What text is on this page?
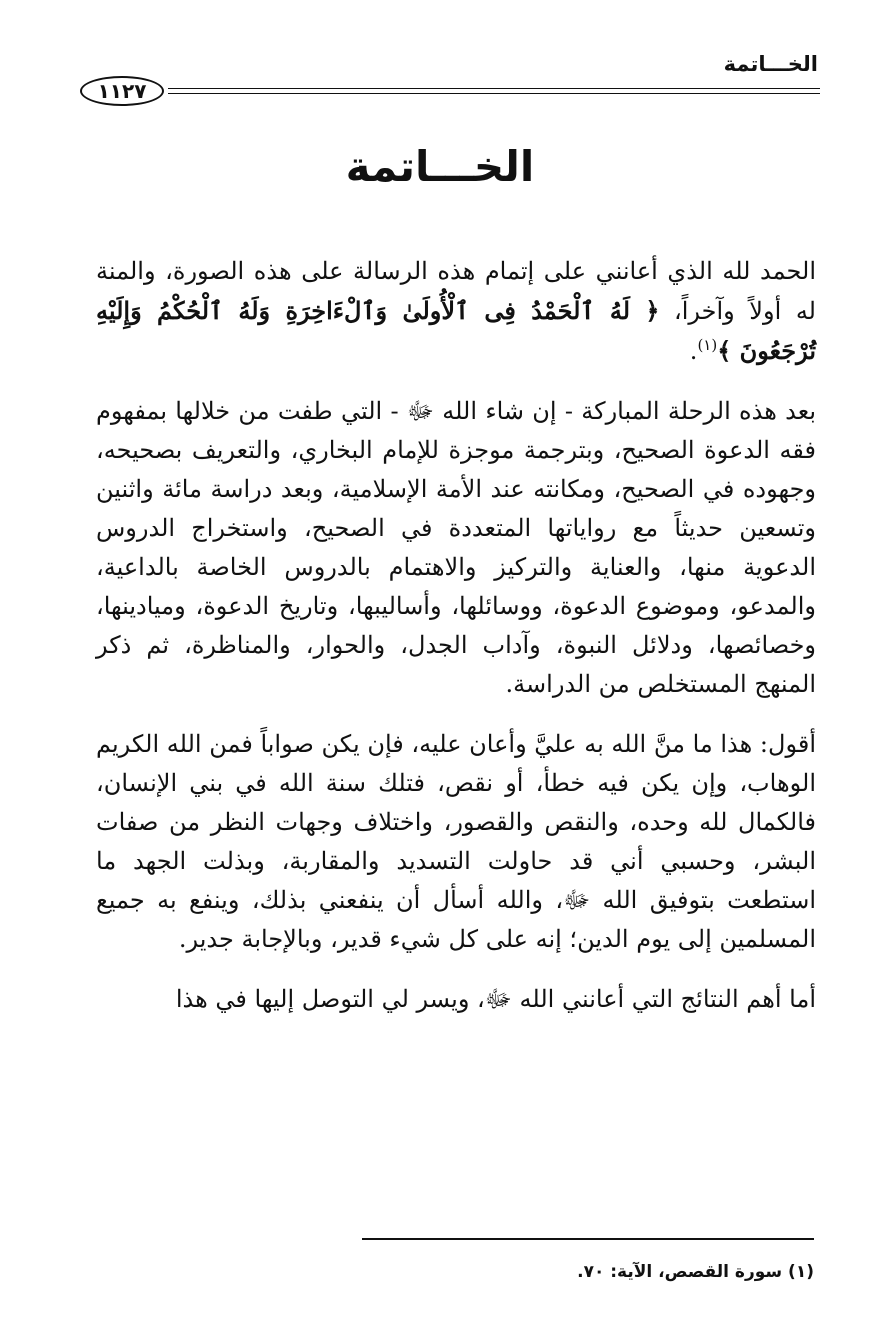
الخـــاتمة
١١٢٧
الخـــاتمة

الحمد لله الذي أعانني على إتمام هذه الرسالة على هذه الصورة، والمنة له أولاً وآخراً، ﴿ لَهُ ٱلْحَمْدُ فِى ٱلْأُولَىٰ وَٱلْءَاخِرَةِ وَلَهُ ٱلْحُكْمُ وَإِلَيْهِ تُرْجَعُونَ ﴾$^{(١)}$.

بعد هذه الرحلة المباركة - إن شاء الله ﷻ - التي طفت من خلالها بمفهوم فقه الدعوة الصحيح، وبترجمة موجزة للإمام البخاري، والتعريف بصحيحه، وجهوده في الصحيح، ومكانته عند الأمة الإسلامية، وبعد دراسة مائة واثنين وتسعين حديثاً مع رواياتها المتعددة في الصحيح، واستخراج الدروس الدعوية منها، والعناية والتركيز والاهتمام بالدروس الخاصة بالداعية، والمدعو، وموضوع الدعوة، ووسائلها، وأساليبها، وتاريخ الدعوة، وميادينها، وخصائصها، ودلائل النبوة، وآداب الجدل، والحوار، والمناظرة، ثم ذكر المنهج المستخلص من الدراسة.

أقول: هذا ما منَّ الله به عليَّ وأعان عليه، فإن يكن صواباً فمن الله الكريم الوهاب، وإن يكن فيه خطأ، أو نقص، فتلك سنة الله في بني الإنسان، فالكمال لله وحده، والنقص والقصور، واختلاف وجهات النظر من صفات البشر، وحسبي أني قد حاولت التسديد والمقاربة، وبذلت الجهد ما استطعت بتوفيق الله ﷻ، والله أسأل أن ينفعني بذلك، وينفع به جميع المسلمين إلى يوم الدين؛ إنه على كل شيء قدير، وبالإجابة جدير.

أما أهم النتائج التي أعانني الله ﷻ، ويسر لي التوصل إليها في هذا

(١) سورة القصص، الآية: ٧٠.
